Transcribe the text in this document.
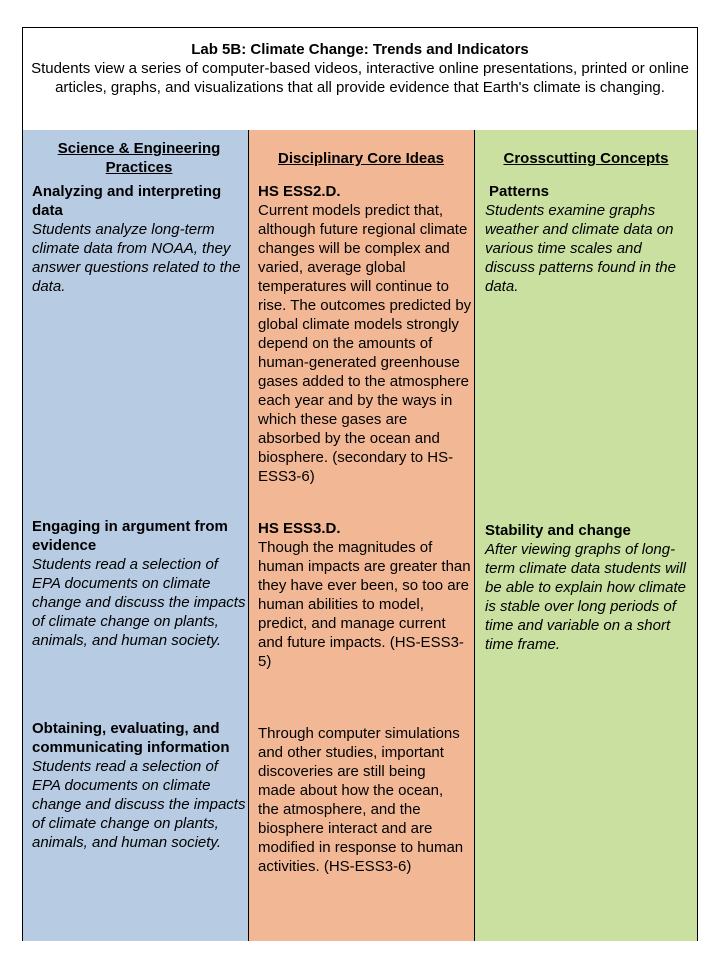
Lab 5B: Climate Change: Trends and Indicators
Students view a series of computer-based videos, interactive online presentations, printed or online articles, graphs, and visualizations that all provide evidence that Earth's climate is changing.
Science & Engineering Practices
Analyzing and interpreting data
Students analyze long-term climate data from NOAA, they answer questions related to the data.
Engaging in argument from evidence
Students read a selection of EPA documents on climate change and discuss the impacts of climate change on plants, animals, and human society.
Obtaining, evaluating, and communicating information
Students read a selection of EPA documents on climate change and discuss the impacts of climate change on plants, animals, and human society.
Disciplinary Core Ideas
HS ESS2.D.
Current models predict that, although future regional climate changes will be complex and varied, average global temperatures will continue to rise. The outcomes predicted by global climate models strongly depend on the amounts of human-generated greenhouse gases added to the atmosphere each year and by the ways in which these gases are absorbed by the ocean and biosphere. (secondary to HS-ESS3-6)
HS ESS3.D.
Though the magnitudes of human impacts are greater than they have ever been, so too are human abilities to model, predict, and manage current and future impacts. (HS-ESS3-5)
Through computer simulations and other studies, important discoveries are still being made about how the ocean, the atmosphere, and the biosphere interact and are modified in response to human activities. (HS-ESS3-6)
Crosscutting Concepts
Patterns
Students examine graphs weather and climate data on various time scales and discuss patterns found in the data.
Stability and change
After viewing graphs of long-term climate data students will be able to explain how climate is stable over long periods of time and variable on a short time frame.
